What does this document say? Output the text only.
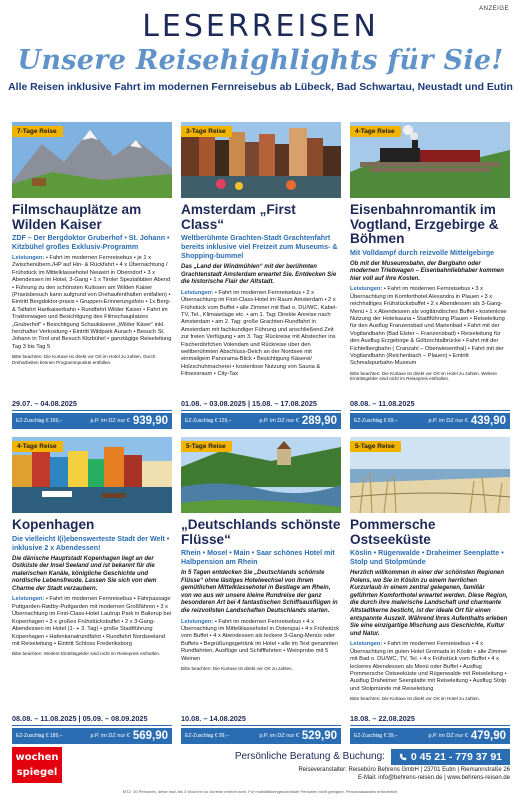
ANZEIGE
LESERREISEN
Unsere Reisehighlights für Sie!
Alle Reisen inklusive Fahrt im modernen Fernreisebus ab Lübeck, Bad Schwartau, Neustadt und Eutin
7-Tage Reise
Filmschauplätze am Wilden Kaiser
ZDF – Der Bergdoktor Gruberhof • St. Johann • Kitzbühel großes Exklusiv-Programm
Leistungen: • Fahrt im modernen Fernreisebus • je 1 x Zwischenübern./HP auf Hin- & Rückfahrt • 4 x Übernachtung / Frühstück im Mittelklassehotel Neuwirt in Oberndorf • 3 x Abendessen im Hotel, 3-Gang • 1 x Tiroler Spezialitäten Abend • Führung zu den schönsten Kulissen am Wilden Kaiser (Praxisbesuch kann aufgrund von Drehaufenthalten entfallen) • Eintritt Bergdoktor-praxis • Gruppen-Erinnerungsfoto • 1x Berg- & Talfahrt Hartkaiserbahn • Rundfahrt Wilder Kaiser • Fahrt im Traktorwagen und Besichtigung des Filmschauplatzes „Gruberhof“ • Besichtigung Schaukäserei „Wilder Käser“ inkl. herzhafter Verkostung • Eintritt Wildpark Aurach • Besuch St. Johann in Tirol und Besuch Kitzbühel • ganztägige Reiseleitung Tag 3 bis Tag 5
Bitte beachten: Die Kurtaxe ist direkt vor Ort im Hotel zu zahlen. Durch Dreharbeiten können Programmpunkte entfallen.
29.07. – 04.08.2025
EZ-Zuschlag € 169,–	p.P. im DZ nur € 939,90
3-Tage Reise
Amsterdam „First Class“
Weltberühmte Grachten-Stadt Grachtenfahrt bereits inklusive viel Freizeit zum Museums- & Shopping-bummel
Das „Land der Windmühlen“ mit der berühmten Grachtenstadt Amsterdam erwartet Sie. Entdecken Sie die historische Flair der Altstadt.
Leistungen: • Fahrt im modernen Fernreisebus • 2 x Übernachtung im First-Class-Hotel im Raum Amsterdam • 2 x Frühstück vom Buffet • alle Zimmer mit Bad o. DU/WC, Kabel-TV, Tel., Klimaanlage etc. • am 1. Tag: Direkte Anreise nach Amsterdam • am 2. Tag: große Grachten-Rundfahrt in Amsterdam mit fachkundiger Führung und anschließend Zeit zur freien Verfügung • am 3. Tag: Rückreise mit Abstecher ins Fischerdörfchen Volendam und Rückreise über den weltberühmten Abschluss-Deich an der Nordsee mit einmaligem Panorama-Blick • Besichtigung Käserei/ Holzschuhmacherei • kostenlose Nutzung von Sauna & Fitnessraum • City-Tax
01.08. – 03.08.2025 | 15.08. – 17.08.2025
EZ-Zuschlag € 129,–	p.P. im DZ nur € 289,90
4-Tage Reise
Eisenbahnromantik im Vogtland, Erzgebirge & Böhmen
Mit Volldampf durch reizvolle Mittelgebirge
Ob mit der Museumsbahn, der Bergbahn oder modernen Triebwagen – Eisenbahnliebhaber kommen hier voll auf ihre Kosten.
Leistungen: • Fahrt im modernen Fernreisebus • 3 x Übernachtung im Komforthotel Alexandra in Plauen • 3 x reichhaltiges Frühstücksbuffet • 2 x Abendessen als 3-Gang-Menü • 1 x Abendessen als vogtländisches Buffet • kostenlose Nutzung der Hotelsauna • Stadtführung Plauen • Reiseleitung für den Ausflug Franzensbad und Marienbad • Fahrt mit der Vogtlandbahn (Bad Elster – Franzensbad) • Reiseleitung für den Ausflug Erzgebirge & Göltzschtalbrücke • Fahrt mit der Fichtelbergbahn ( Cranzahl – Oberwiesenthal) • Fahrt mit der Vogtlandbahn (Reichenbach – Plauen) • Eintritt Schmalspurbahn-Museum
Bitte beachten: Die Kurtaxe ist direkt vor Ort im Hotel zu zahlen. Weitere Eintrittsgelder sind nicht im Reisepreis enthalten.
08.08. – 11.08.2025
EZ-Zuschlag € 69,–	p.P. im DZ nur € 439,90
4-Tage Reise
Kopenhagen
Die vielleicht l(i)ebenswerteste Stadt der Welt • inklusive 2 x Abendessen!
Die dänische Hauptstadt Kopenhagen liegt an der Ostküste der Insel Seeland und ist bekannt für die malerischen Kanäle, königliche Geschichte und nordische Lebensfreude. Lassen Sie sich von dem Charme der Stadt verzaubern.
Leistungen: • Fahrt im modernen Fernreisebus • Fährpassage Puttgarden-Rødby-Puttgarden mit modernen Großfähren • 3 x Übernachtung im First-Class-Hotel Lautrup Park in Ballerup bei Kopenhagen • 3 x großes Frühstücksbuffet • 2 x 3-Gang-Abendessen im Hotel (1- + 3. Tag) • große Stadtführung Kopenhagen • Hafenkanalrundfahrt • Rundfahrt Nordseeland mit Reiseleitung • Eintritt Schloss Frederiksborg
Bitte beachten: Weitere Eintrittsgelder sind nicht im Reisepreis enthalten.
08.08. – 11.08.2025 | 05.09. – 08.09.2025
EZ-Zuschlag € 189,–	p.P. im DZ nur € 569,90
5-Tage Reise
„Deutschlands schönste Flüsse“
Rhein • Mosel • Main • Saar schönes Hotel mit Halbpension am Rhein
In 5 Tagen entdecken Sie „Deutschlands schönste Flüsse“ ohne lästiges Hotelwechsel von Ihrem gemütlichen Mittelklassehotel in Bestlage am Rhein, von wo aus wir unsere kleine Rundreise der ganz besonderen Art bei 4 fantastischen Schiffsausflügen in die reizvollsten Landschaften Deutschlands starten.
Leistungen: • Fahrt im modernen Fernreisebus • 4 x Übernachtung im Mittelklassehotel in Osterspai • 4 x Frühstück vom Buffet • 4 x Abendessen als leckere 3-Gang-Menüs oder Buffets • Begrüßungsgetränk im Hotel • alle im Text genannten Rundfahrten, Ausflüge und Schifffahrten • Weinprobe mit 5 Weinen
Bitte beachten: Die Kurtaxe ist direkt vor Ort zu zahlen.
10.08. – 14.08.2025
EZ-Zuschlag € 99,–	p.P. im DZ nur € 529,90
5-Tage Reise
Pommersche Ostseeküste
Köslin • Rügenwalde • Draheimer Seenplatte • Stolp und Stolpmünde
Herzlich willkommen in einer der schönsten Regionen Polens, wo Sie in Köslin zu einem herrlichen Kurzurlaub in einem zentral gelegenen, familiär geführten Komforthotel erwartet werden. Diese Region, die durch ihre malerische Landschaft und charmante Altstadtkerne besticht, ist der ideale Ort für einen entspannte Auszeit. Während Ihres Aufenthalts erleben Sie eine einzigartige Mischung aus Geschichte, Kultur und Natur.
Leistungen: • Fahrt im modernen Fernreisebus • 4 x Übernachtung im guten Hotel Gromada in Köslin • alle Zimmer mit Bad o. DU/WC, TV, Tel. • 4 x Frühstück vom Buffet • 4 x leckeres Abendessen als Menü oder Buffet • Ausflug Pommersche Ostseeküste und Rügenwalde mit Reiseleitung • Ausflug Draheimer Seenplatte mit Reiseleitung • Ausflug Stolp und Stolpmünde mit Reiseleitung
Bitte beachten: Die Kurtaxe ist direkt vor Ort im Hotel zu zahlen.
18.08. – 22.08.2025
EZ-Zuschlag € 39,–	p.P. im DZ nur € 479,90
wochen
spiegel
Persönliche Beratung & Buchung: 0 45 21 - 779 37 91
Reiseveranstalter: Reisebüro Behrens GmbH | 23701 Eutin | Riemannstraße 26
E-Mail: info@behrens-reisen.de | www.behrens-reisen.de
MTZ: 30 Personen, diese muß bis 3 Wochen vor Anreise erreicht sein. Für mobilitätseingeschränkte Personen nicht geeignet. Personalausweis erforderlich.
